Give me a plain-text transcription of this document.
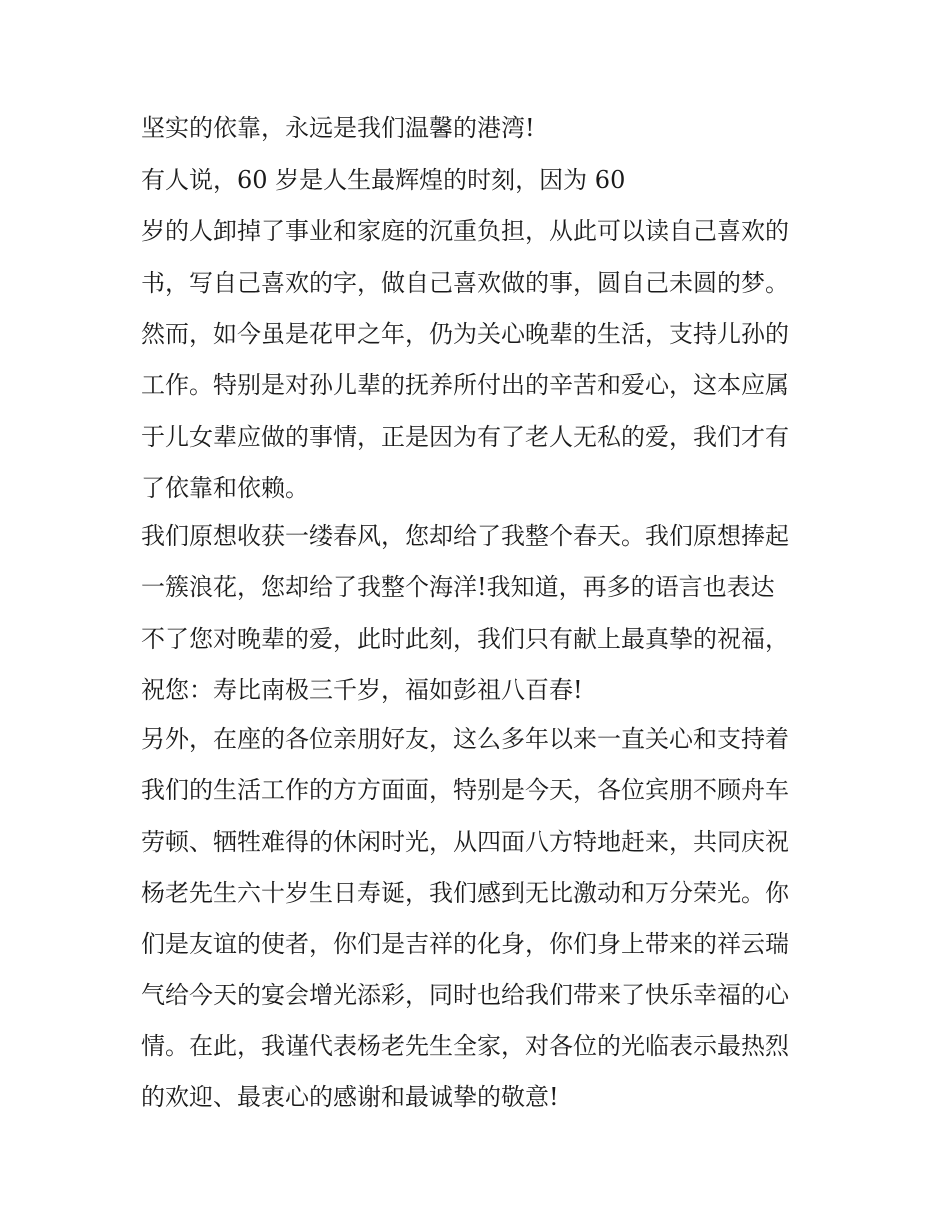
坚实的依靠，永远是我们温馨的港湾!
有人说，60 岁是人生最辉煌的时刻，因为 60
岁的人卸掉了事业和家庭的沉重负担，从此可以读自己喜欢的
书，写自己喜欢的字，做自己喜欢做的事，圆自己未圆的梦。
然而，如今虽是花甲之年，仍为关心晚辈的生活，支持儿孙的
工作。特别是对孙儿辈的抚养所付出的辛苦和爱心，这本应属
于儿女辈应做的事情，正是因为有了老人无私的爱，我们才有
了依靠和依赖。
我们原想收获一缕春风，您却给了我整个春天。我们原想捧起
一簇浪花，您却给了我整个海洋!我知道，再多的语言也表达
不了您对晚辈的爱，此时此刻，我们只有献上最真挚的祝福，
祝您：寿比南极三千岁，福如彭祖八百春!
另外，在座的各位亲朋好友，这么多年以来一直关心和支持着
我们的生活工作的方方面面，特别是今天，各位宾朋不顾舟车
劳顿、牺牲难得的休闲时光，从四面八方特地赶来，共同庆祝
杨老先生六十岁生日寿诞，我们感到无比激动和万分荣光。你
们是友谊的使者，你们是吉祥的化身，你们身上带来的祥云瑞
气给今天的宴会增光添彩，同时也给我们带来了快乐幸福的心
情。在此，我谨代表杨老先生全家，对各位的光临表示最热烈
的欢迎、最衷心的感谢和最诚挚的敬意!
